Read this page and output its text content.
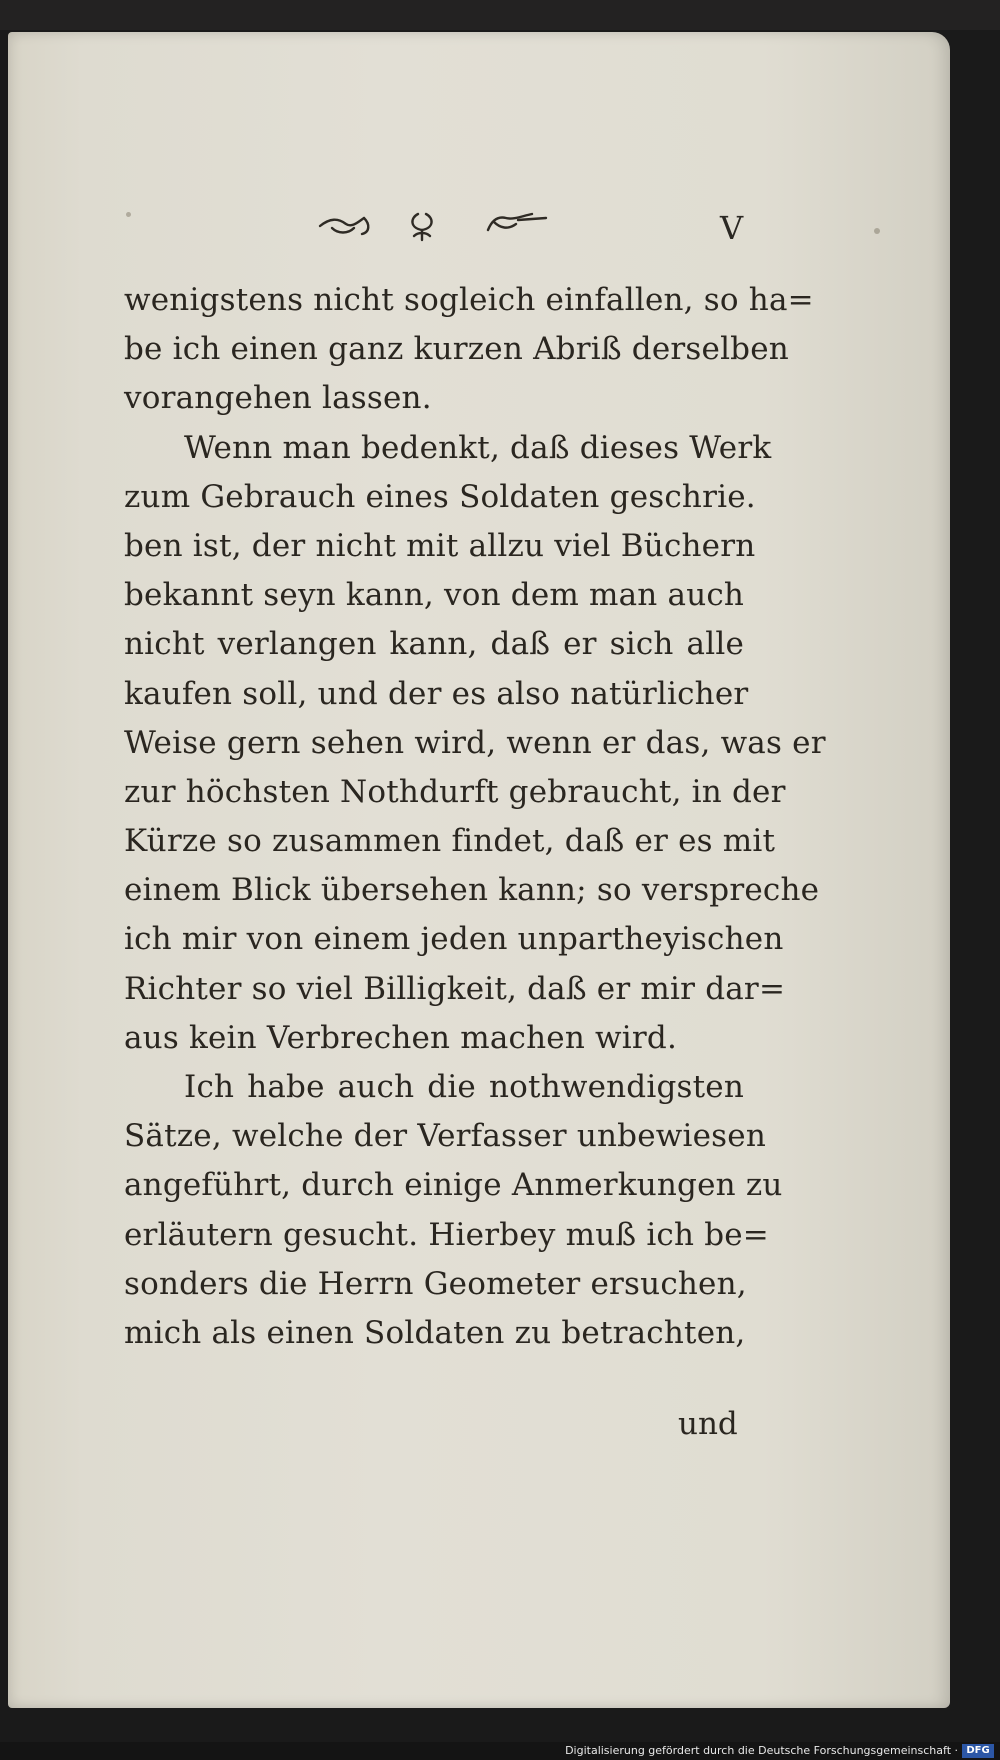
V
wenigstens nicht sogleich einfallen, so ha=
be ich einen ganz kurzen Abriß derselben
vorangehen lassen.
Wenn man bedenkt, daß dieses Werk
zum Gebrauch eines Soldaten geschrie.
ben ist, der nicht mit allzu viel Büchern
bekannt seyn kann, von dem man auch
nicht verlangen kann, daß er sich alle
kaufen soll, und der es also natürlicher
Weise gern sehen wird, wenn er das, was er
zur höchsten Nothdurft gebraucht, in der
Kürze so zusammen findet, daß er es mit
einem Blick übersehen kann; so verspreche
ich mir von einem jeden unpartheyischen
Richter so viel Billigkeit, daß er mir dar=
aus kein Verbrechen machen wird.
Ich habe auch die nothwendigsten
Sätze, welche der Verfasser unbewiesen
angeführt, durch einige Anmerkungen zu
erläutern gesucht. Hierbey muß ich be=
sonders die Herrn Geometer ersuchen,
mich als einen Soldaten zu betrachten,
und
Digitalisierung gefördert durch die Deutsche Forschungsgemeinschaft · DFG
